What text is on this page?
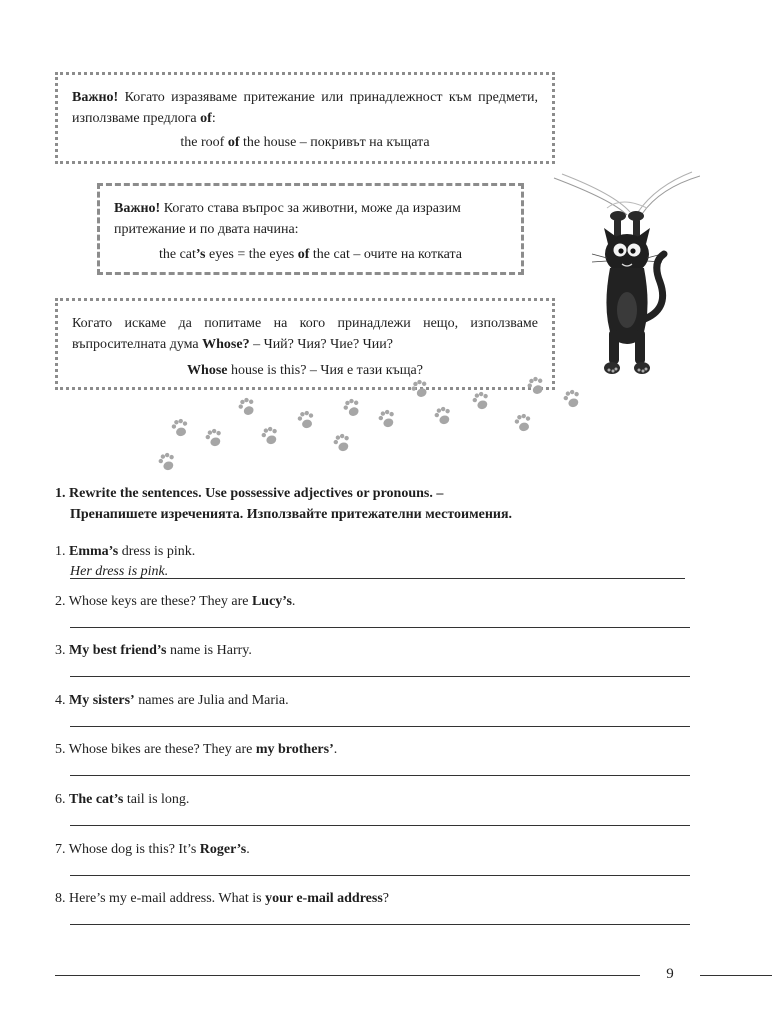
Важно! Когато изразяваме притежание или принадлежност към предмети, използваме предлога of:

the roof of the house – покривът на къщата

Важно! Когато става въпрос за животни, може да изразим притежание и по двата начина:

the cat’s eyes = the eyes of the cat – очите на котката

Когато искаме да попитаме на кого принадлежи нещо, използваме въпросителната дума Whose? – Чий? Чия? Чие? Чии?

Whose house is this? – Чия е тази къща?

1. Rewrite the sentences. Use possessive adjectives or pronouns. –

Пренапишете изреченията. Използвайте притежателни местоимения.

1. Emma’s dress is pink.
Her dress is pink.
2. Whose keys are these? They are Lucy’s.
3. My best friend’s name is Harry.
4. My sisters’ names are Julia and Maria.
5. Whose bikes are these? They are my brothers’.
6. The cat’s tail is long.
7. Whose dog is this? It’s Roger’s.
8. Here’s my e-mail address. What is your e-mail address?
9
